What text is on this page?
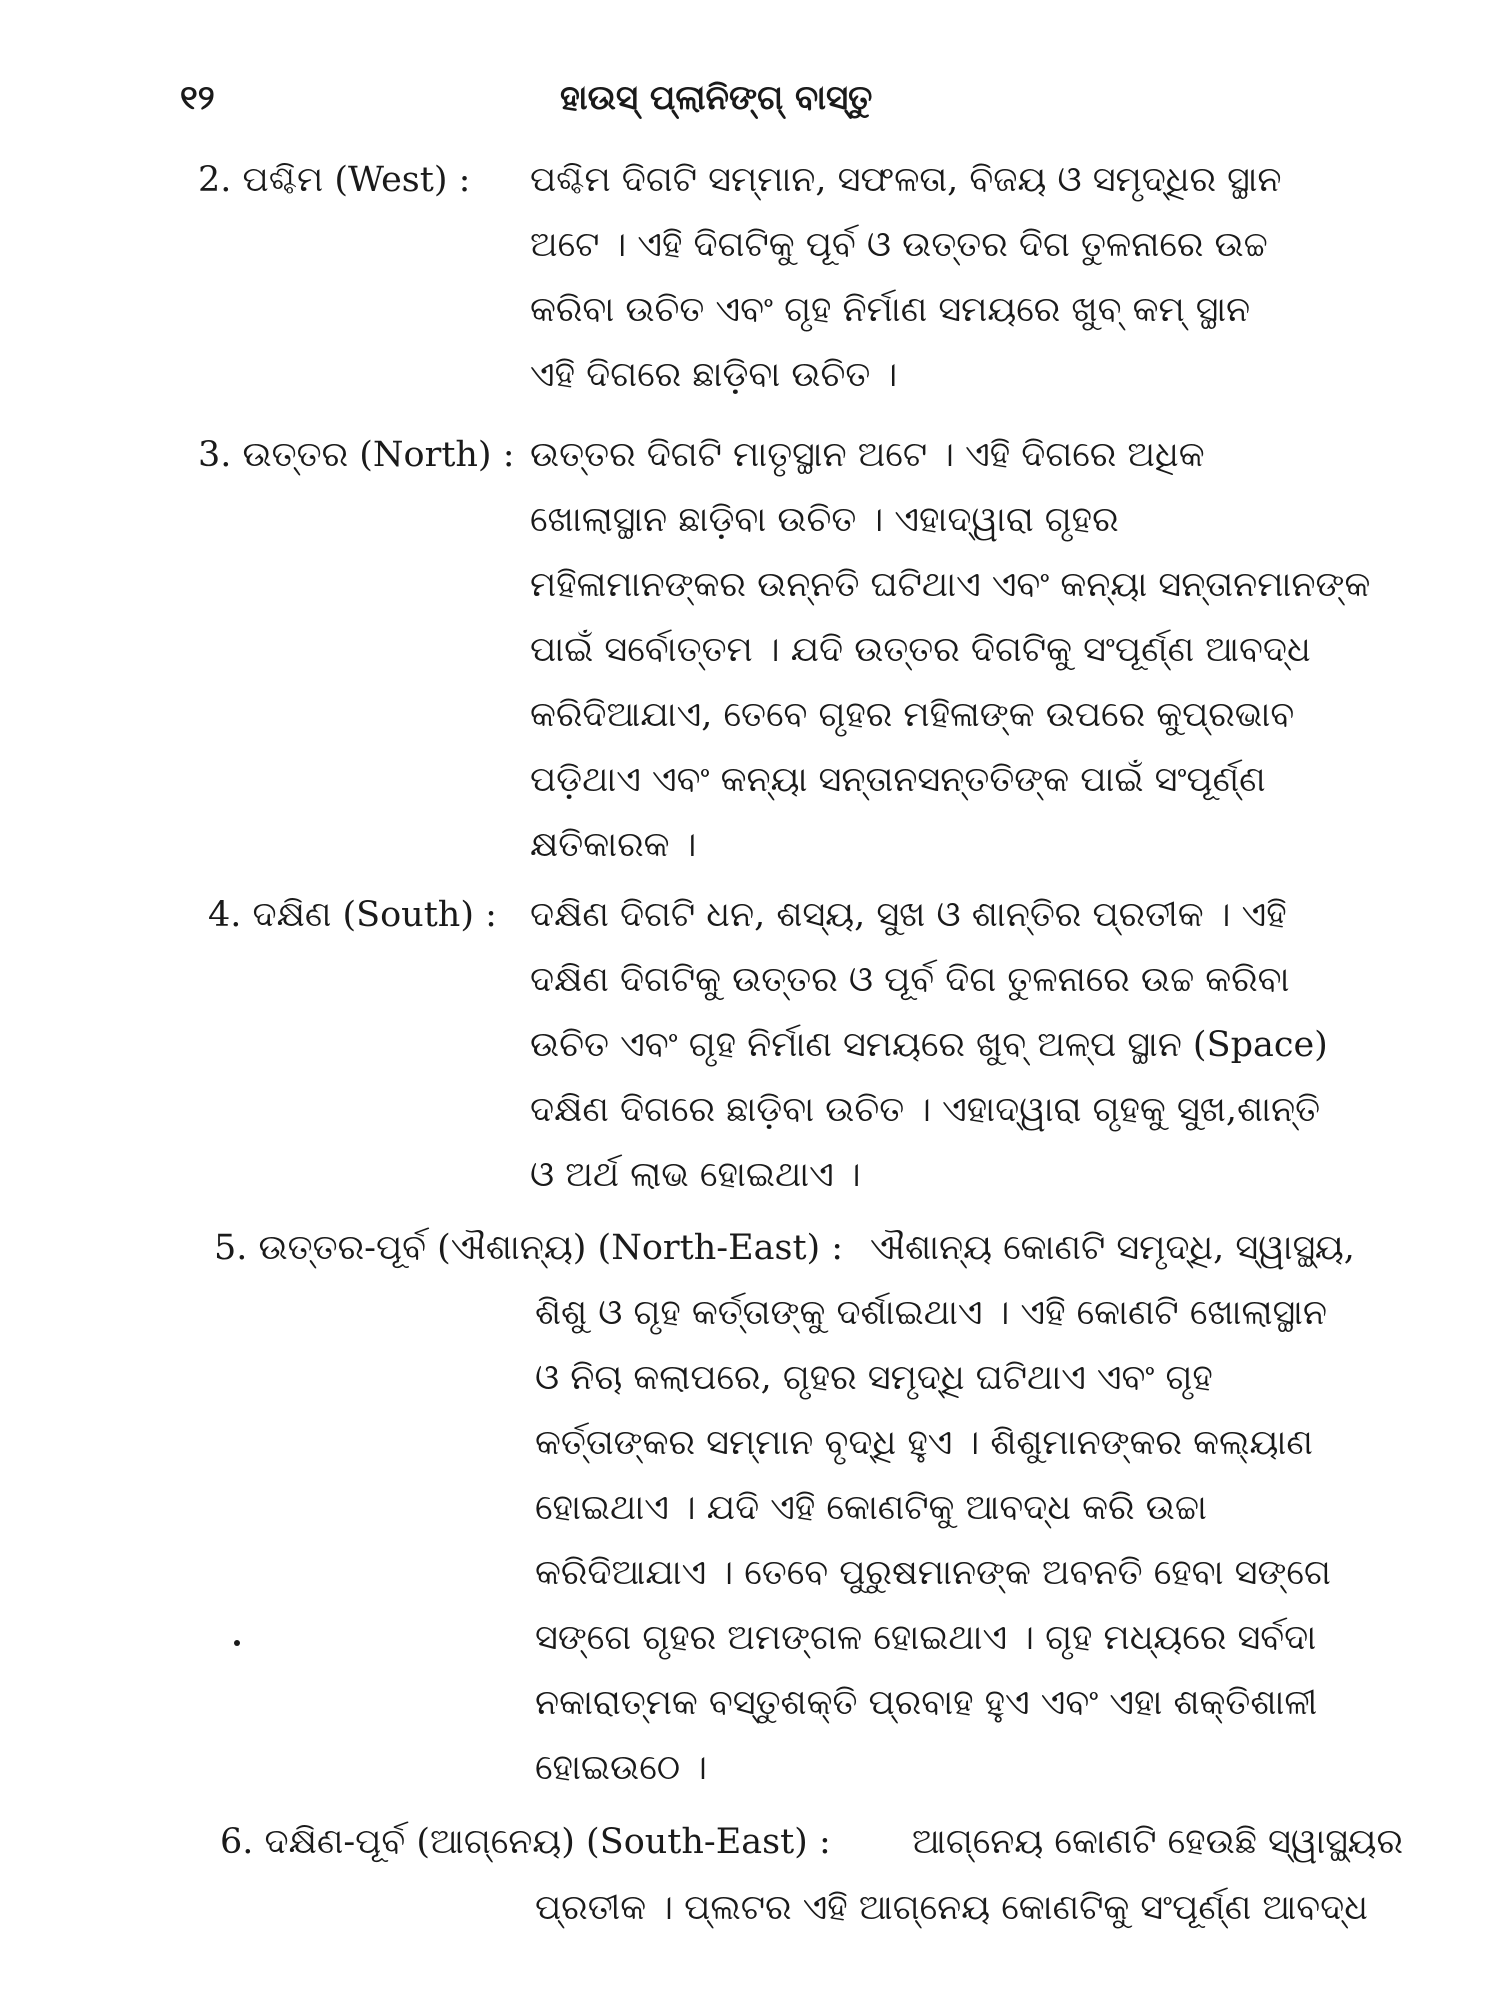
୧୨	ହାଉସ୍ ପ୍ଲାନିଙ୍ଗ୍ ବାସ୍ତୁ
2. ପଶ୍ଚିମ (West) : ପଶ୍ଚିମ ଦିଗଟି ସମ୍ମାନ, ସଫଳତା, ବିଜୟ ଓ ସମୃଦ୍ଧିର ସ୍ଥାନ
ଅଟେ । ଏହି ଦିଗଟିକୁ ପୂର୍ବ ଓ ଉତ୍ତର ଦିଗ ତୁଳନାରେ ଉଚ୍ଚ
କରିବା ଉଚିତ ଏବଂ ଗୃହ ନିର୍ମାଣ ସମୟରେ ଖୁବ୍ କମ୍ ସ୍ଥାନ
ଏହି ଦିଗରେ ଛାଡ଼ିବା ଉଚିତ ।
3. ଉତ୍ତର (North) : ଉତ୍ତର ଦିଗଟି ମାତୃସ୍ଥାନ ଅଟେ । ଏହି ଦିଗରେ ଅଧିକ
ଖୋଲାସ୍ଥାନ ଛାଡ଼ିବା ଉଚିତ । ଏହାଦ୍ୱାରା ଗୃହର
ମହିଳାମାନଙ୍କର ଉନ୍ନତି ଘଟିଥାଏ ଏବଂ କନ୍ୟା ସନ୍ତାନମାନଙ୍କ
ପାଇଁ ସର୍ବୋତ୍ତମ । ଯଦି ଉତ୍ତର ଦିଗଟିକୁ ସଂପୂର୍ଣ୍ଣ ଆବଦ୍ଧ
କରିଦିଆଯାଏ, ତେବେ ଗୃହର ମହିଳାଙ୍କ ଉପରେ କୁପ୍ରଭାବ
ପଡ଼ିଥାଏ ଏବଂ କନ୍ୟା ସନ୍ତାନସନ୍ତତିଙ୍କ ପାଇଁ ସଂପୂର୍ଣ୍ଣ
କ୍ଷତିକାରକ ।
4. ଦକ୍ଷିଣ (South) : ଦକ୍ଷିଣ ଦିଗଟି ଧନ, ଶସ୍ୟ, ସୁଖ ଓ ଶାନ୍ତିର ପ୍ରତୀକ । ଏହି
ଦକ୍ଷିଣ ଦିଗଟିକୁ ଉତ୍ତର ଓ ପୂର୍ବ ଦିଗ ତୁଳନାରେ ଉଚ୍ଚ କରିବା
ଉଚିତ ଏବଂ ଗୃହ ନିର୍ମାଣ ସମୟରେ ଖୁବ୍ ଅଳ୍ପ ସ୍ଥାନ (Space)
ଦକ୍ଷିଣ ଦିଗରେ ଛାଡ଼ିବା ଉଚିତ । ଏହାଦ୍ୱାରା ଗୃହକୁ ସୁଖ,ଶାନ୍ତି
ଓ ଅର୍ଥ ଲାଭ ହୋଇଥାଏ ।
5. ଉତ୍ତର-ପୂର୍ବ (ଐଶାନ୍ୟ) (North-East) : ଐଶାନ୍ୟ କୋଣଟି ସମୃଦ୍ଧି, ସ୍ୱାସ୍ଥ୍ୟ,
ଶିଶୁ ଓ ଗୃହ କର୍ତ୍ତାଙ୍କୁ ଦର୍ଶାଇଥାଏ । ଏହି କୋଣଟି ଖୋଲାସ୍ଥାନ
ଓ ନିଚା କଲାପରେ, ଗୃହର ସମୃଦ୍ଧି ଘଟିଥାଏ ଏବଂ ଗୃହ
କର୍ତ୍ତାଙ୍କର ସମ୍ମାନ ବୃଦ୍ଧି ହୁଏ । ଶିଶୁମାନଙ୍କର କଲ୍ୟାଣ
ହୋଇଥାଏ । ଯଦି ଏହି କୋଣଟିକୁ ଆବଦ୍ଧ କରି ଉଚ୍ଚା
କରିଦିଆଯାଏ । ତେବେ ପୁରୁଷମାନଙ୍କ ଅବନତି ହେବା ସଙ୍ଗେ
ସଙ୍ଗେ ଗୃହର ଅମଙ୍ଗଳ ହୋଇଥାଏ । ଗୃହ ମଧ୍ୟରେ ସର୍ବଦା
ନକାରାତ୍ମକ ବସ୍ତୁଶକ୍ତି ପ୍ରବାହ ହୁଏ ଏବଂ ଏହା ଶକ୍ତିଶାଳୀ
ହୋଇଉଠେ ।
6. ଦକ୍ଷିଣ-ପୂର୍ବ (ଆଗ୍ନେୟ) (South-East) : ଆଗ୍ନେୟ କୋଣଟି ହେଉଛି ସ୍ୱାସ୍ଥ୍ୟର
ପ୍ରତୀକ । ପ୍ଲଟର ଏହି ଆଗ୍ନେୟ କୋଣଟିକୁ ସଂପୂର୍ଣ୍ଣ ଆବଦ୍ଧ
